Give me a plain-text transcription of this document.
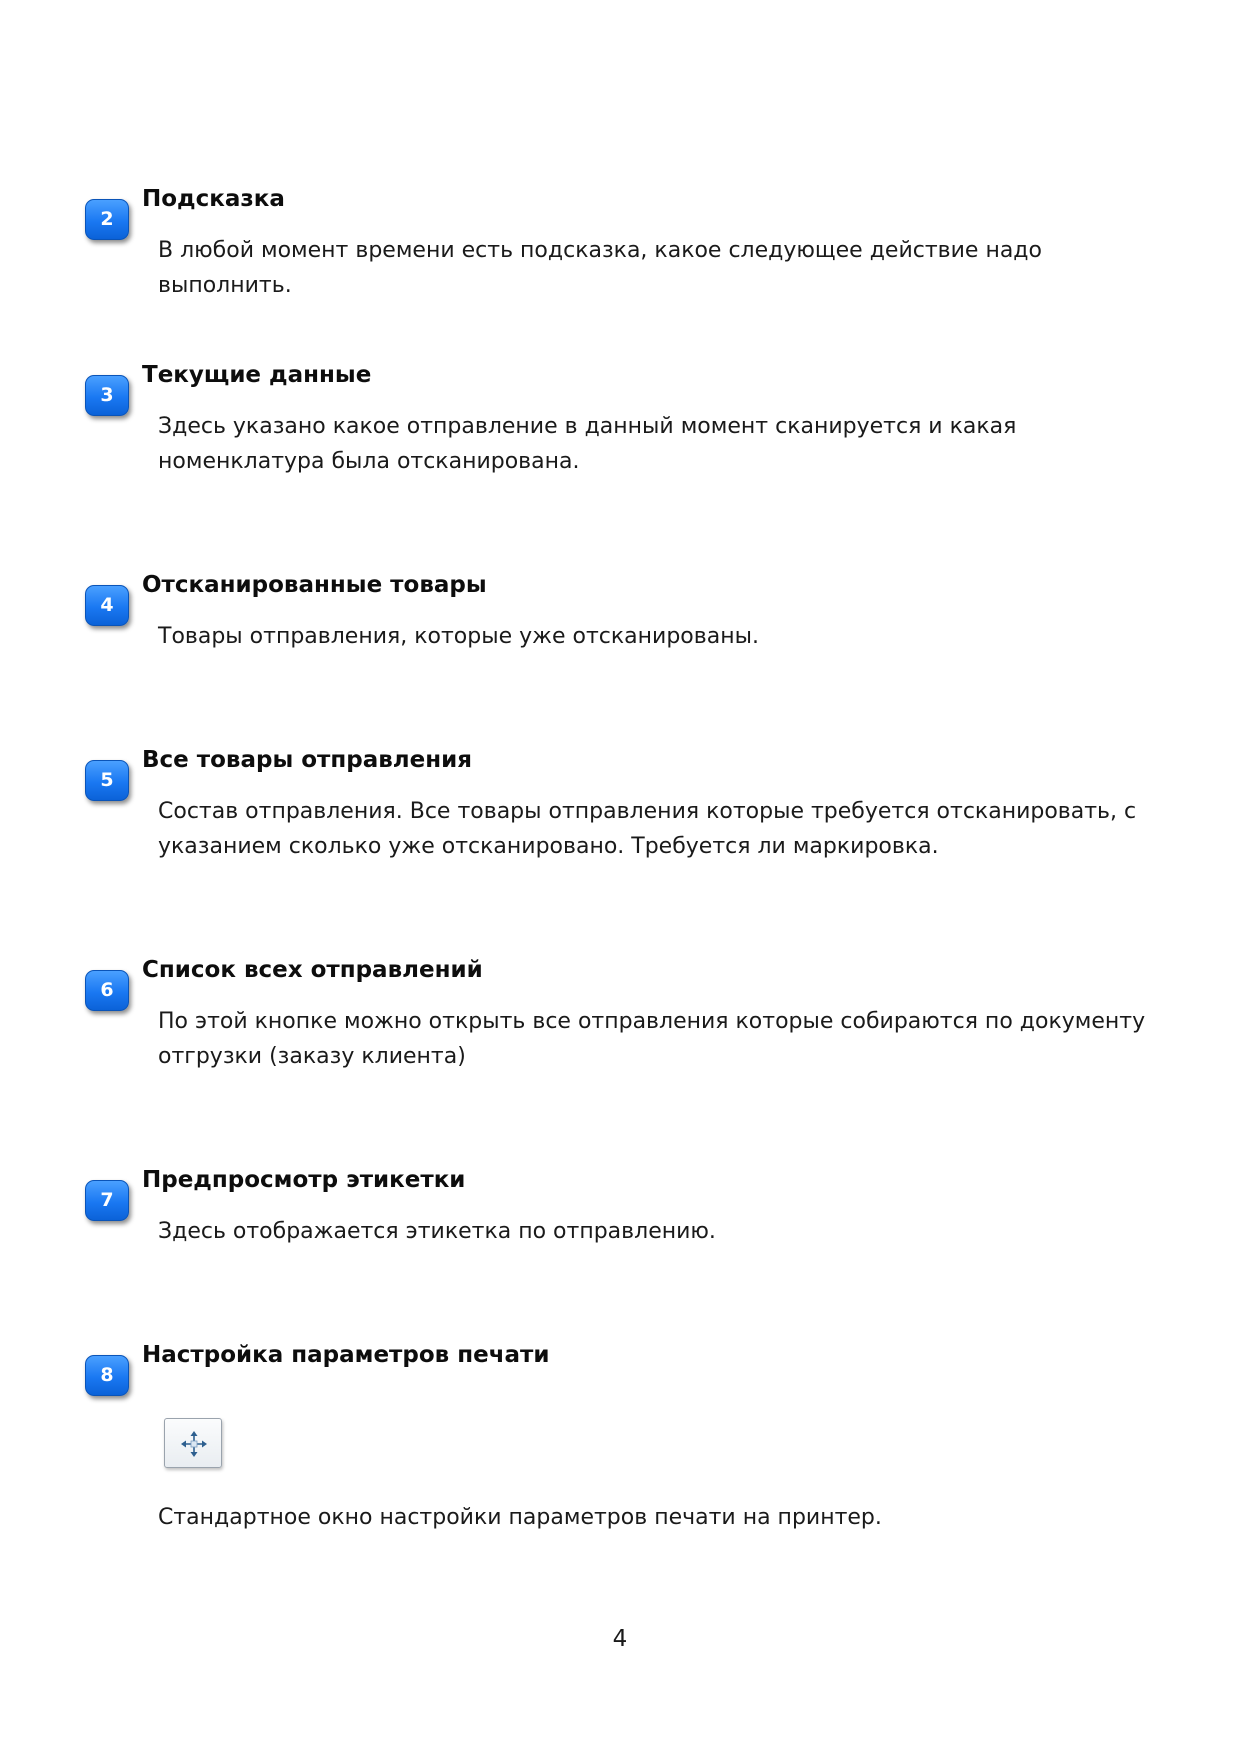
2
Подсказка
В любой момент времени есть подсказка, какое следующее действие надо выполнить.
3
Текущие данные
Здесь указано какое отправление в данный момент сканируется и какая номенклатура была отсканирована.
4
Отсканированные товары
Товары отправления, которые уже отсканированы.
5
Все товары отправления
Состав отправления. Все товары отправления которые требуется отсканировать, с указанием сколько уже отсканировано. Требуется ли маркировка.
6
Список всех отправлений
По этой кнопке можно открыть все отправления которые собираются по документу отгрузки (заказу клиента)
7
Предпросмотр этикетки
Здесь отображается этикетка по отправлению.
8
Настройка параметров печати
Стандартное окно настройки параметров печати на принтер.
4
